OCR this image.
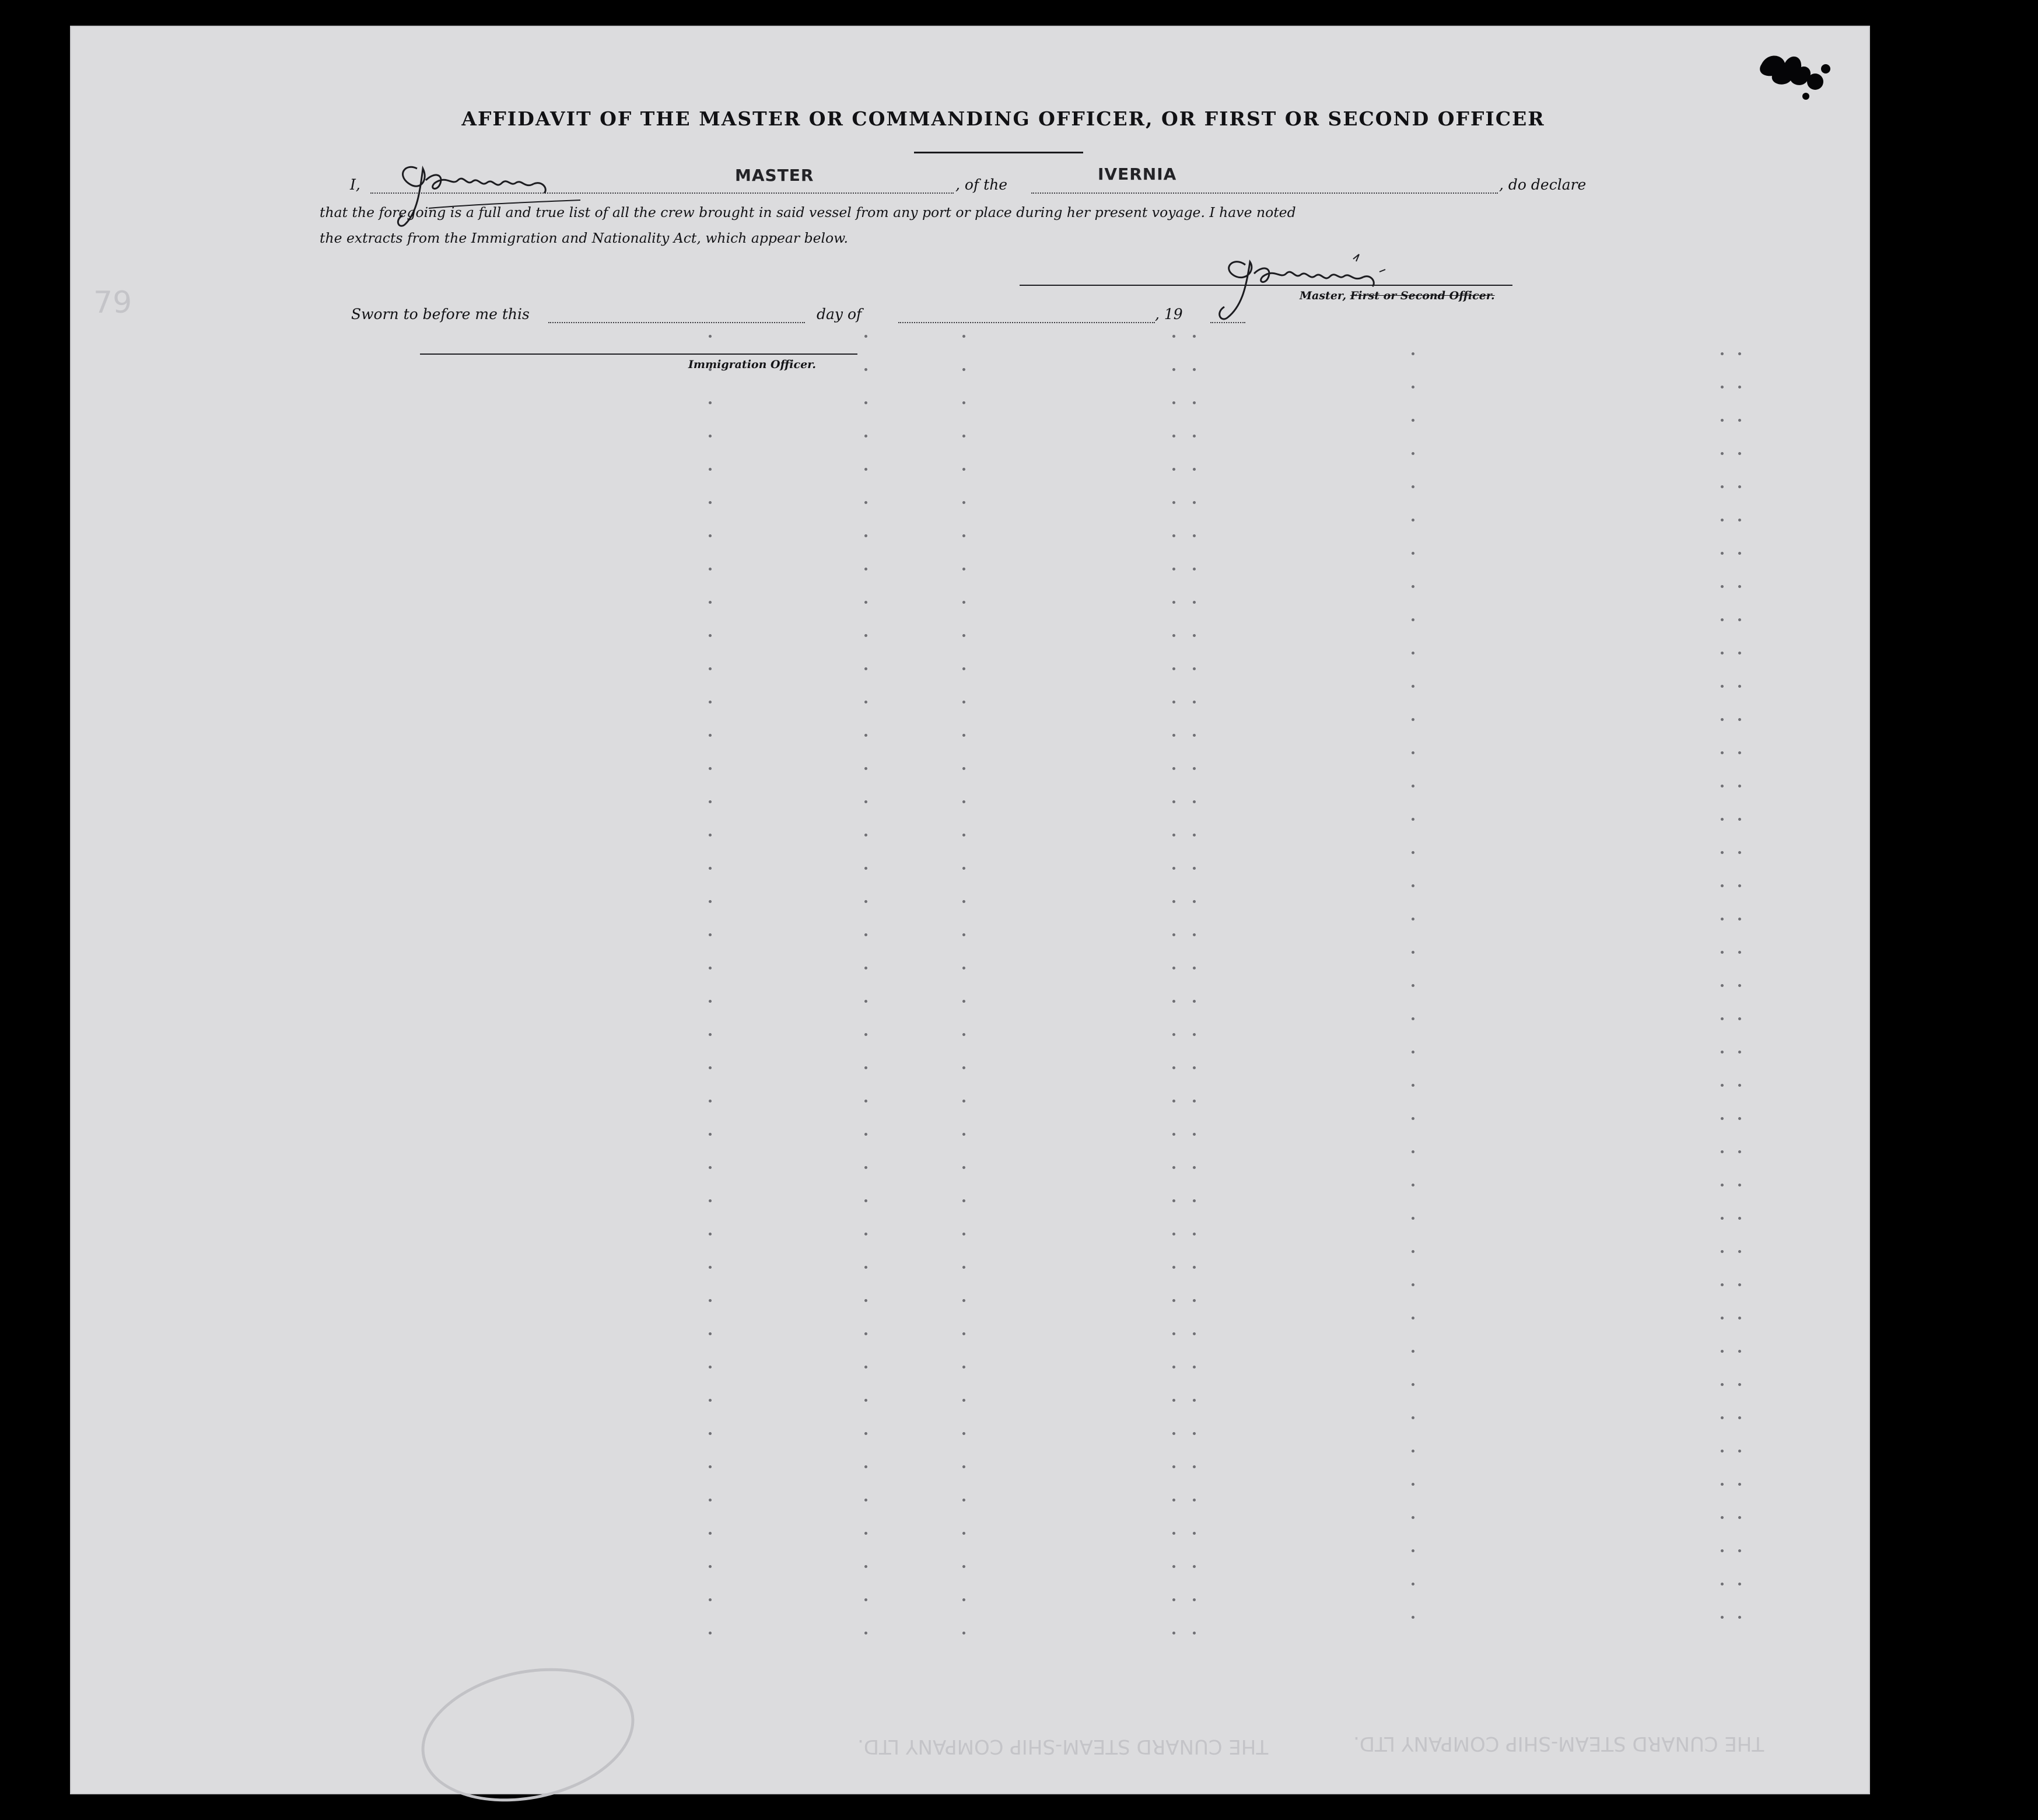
79
THE CUNARD STEAM-SHIP COMPANY LTD.	THE CUNARD STEAM-SHIP COMPANY LTD.
AFFIDAVIT OF THE MASTER OR COMMANDING OFFICER, OR FIRST OR SECOND OFFICER
I,	MASTER	, of the
IVERNIA
, do declare
that the foregoing is a full and true list of all the crew brought in said vessel from any port or place during her present voyage. I have noted
the extracts from the Immigration and Nationality Act, which appear below.
Master, First or Second Officer.
Sworn to before me this	day of	, 19
Immigration Officer.
